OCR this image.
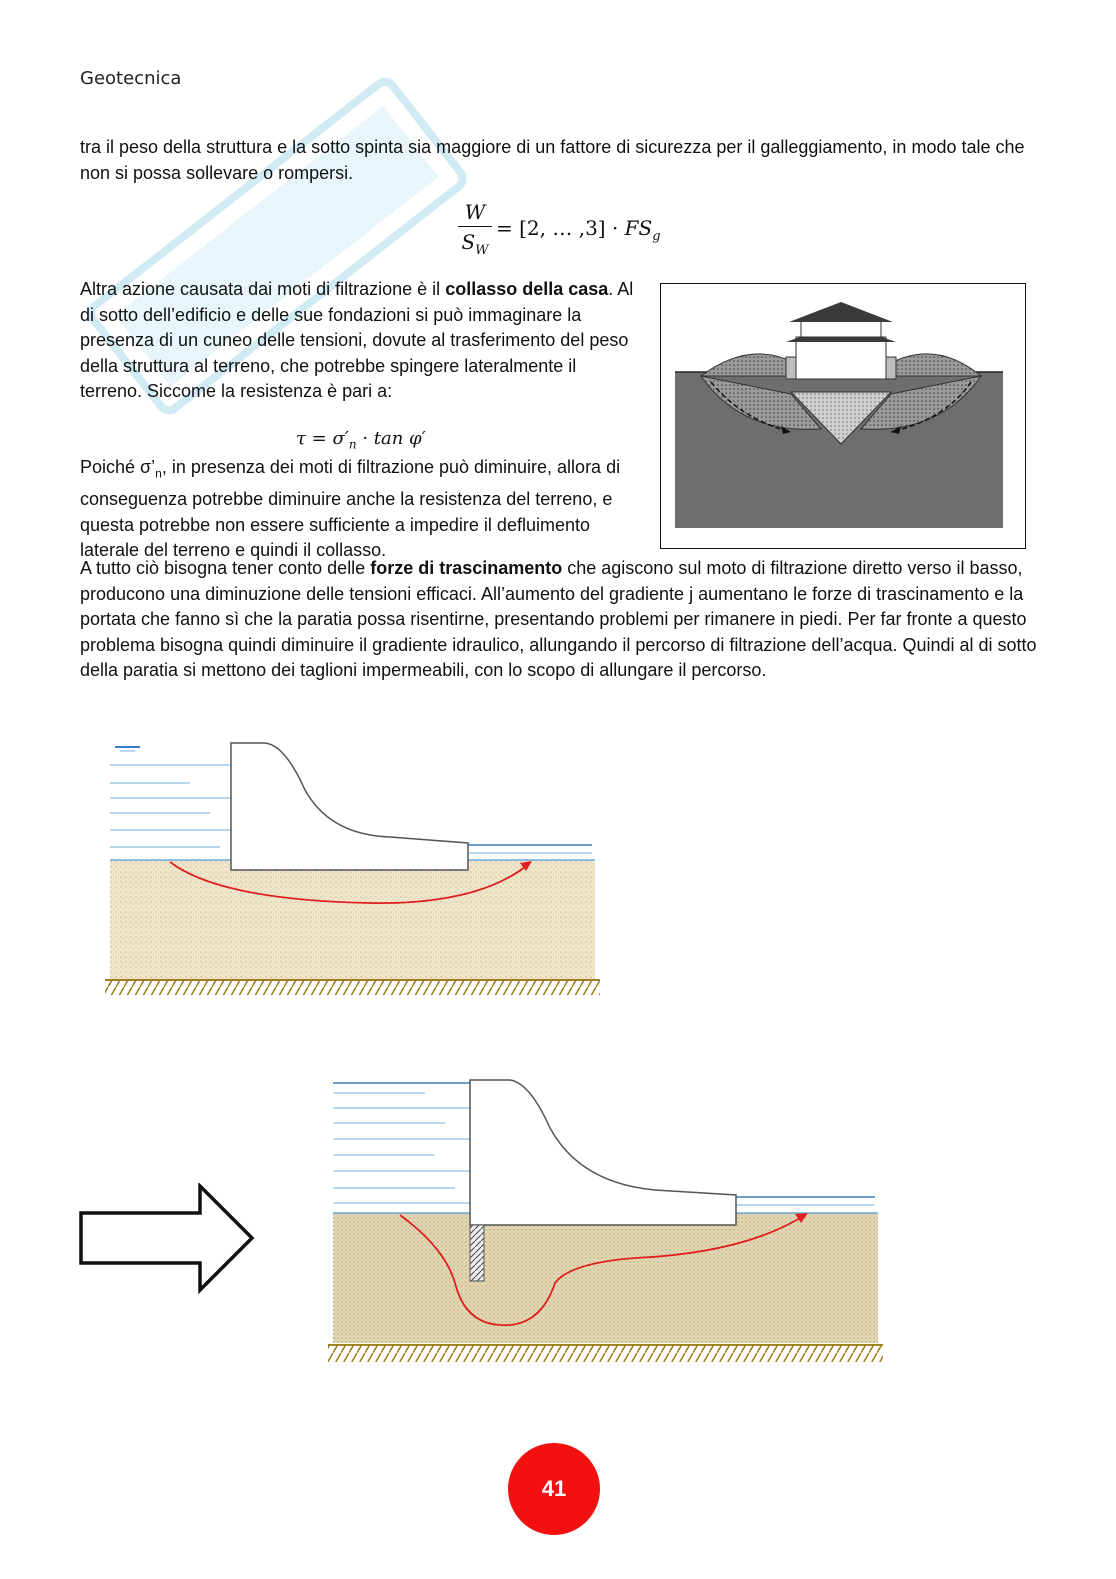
Geotecnica
tra il peso della struttura e la sotto spinta sia maggiore di un fattore di sicurezza per il galleggiamento, in modo tale che non si possa sollevare o rompersi.
W
$S_W$
= [2, … $,3] \cdot FS_g$
Altra azione causata dai moti di filtrazione è il collasso della casa. Al di sotto dell’edificio e delle sue fondazioni si può immaginare la presenza di un cuneo delle tensioni, dovute al trasferimento del peso della struttura al terreno, che potrebbe spingere lateralmente il terreno. Siccome la resistenza è pari a:
$\tau = \sigma'_n \cdot \tan \varphi'$
Poiché $\sigma’_n$, in presenza dei moti di filtrazione può diminuire, allora di conseguenza potrebbe diminuire anche la resistenza del terreno, e questa potrebbe non essere sufficiente a impedire il defluimento laterale del terreno e quindi il collasso.
A tutto ciò bisogna tener conto delle forze di trascinamento che agiscono sul moto di filtrazione diretto verso il basso, producono una diminuzione delle tensioni efficaci. All’aumento del gradiente j aumentano le forze di trascinamento e la portata che fanno sì che la paratia possa risentirne, presentando problemi per rimanere in piedi. Per far fronte a questo problema bisogna quindi diminuire il gradiente idraulico, allungando il percorso di filtrazione dell’acqua. Quindi al di sotto della paratia si mettono dei taglioni impermeabili, con lo scopo di allungare il percorso.
41
